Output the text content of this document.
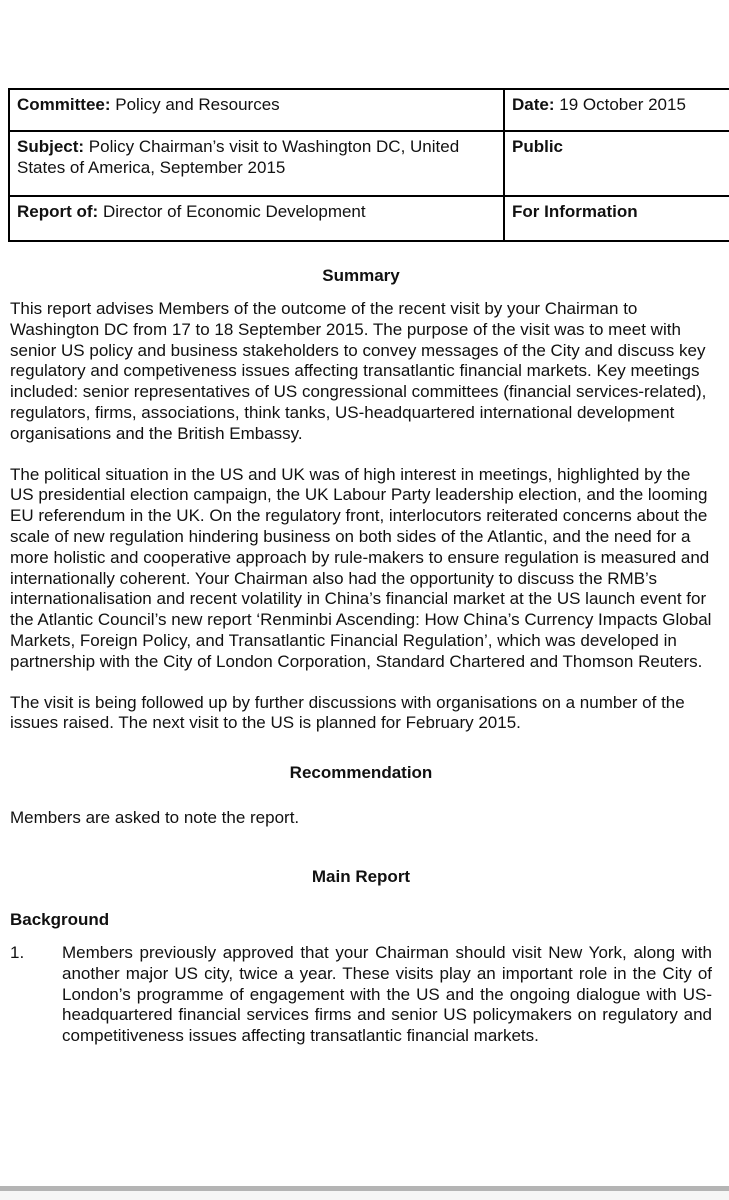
Committee: Policy and Resources	Date: 19 October 2015
Subject: Policy Chairman’s visit to Washington DC, United States of America, September 2015	Public
Report of: Director of Economic Development	For Information
Summary

This report advises Members of the outcome of the recent visit by your Chairman to Washington DC from 17 to 18 September 2015. The purpose of the visit was to meet with senior US policy and business stakeholders to convey messages of the City and discuss key regulatory and competiveness issues affecting transatlantic financial markets. Key meetings included: senior representatives of US congressional committees (financial services-related), regulators, firms, associations, think tanks, US-headquartered international development organisations and the British Embassy.

The political situation in the US and UK was of high interest in meetings, highlighted by the US presidential election campaign, the UK Labour Party leadership election, and the looming EU referendum in the UK. On the regulatory front, interlocutors reiterated concerns about the scale of new regulation hindering business on both sides of the Atlantic, and the need for a more holistic and cooperative approach by rule-makers to ensure regulation is measured and internationally coherent. Your Chairman also had the opportunity to discuss the RMB’s internationalisation and recent volatility in China’s financial market at the US launch event for the Atlantic Council’s new report ‘Renminbi Ascending: How China’s Currency Impacts Global Markets, Foreign Policy, and Transatlantic Financial Regulation’, which was developed in partnership with the City of London Corporation, Standard Chartered and Thomson Reuters.

The visit is being followed up by further discussions with organisations on a number of the issues raised. The next visit to the US is planned for February 2015.

Recommendation

Members are asked to note the report.

Main Report
Background
1.	Members previously approved that your Chairman should visit New York, along with another major US city, twice a year. These visits play an important role in the City of London’s programme of engagement with the US and the ongoing dialogue with US-headquartered financial services firms and senior US policymakers on regulatory and competitiveness issues affecting transatlantic financial markets.
